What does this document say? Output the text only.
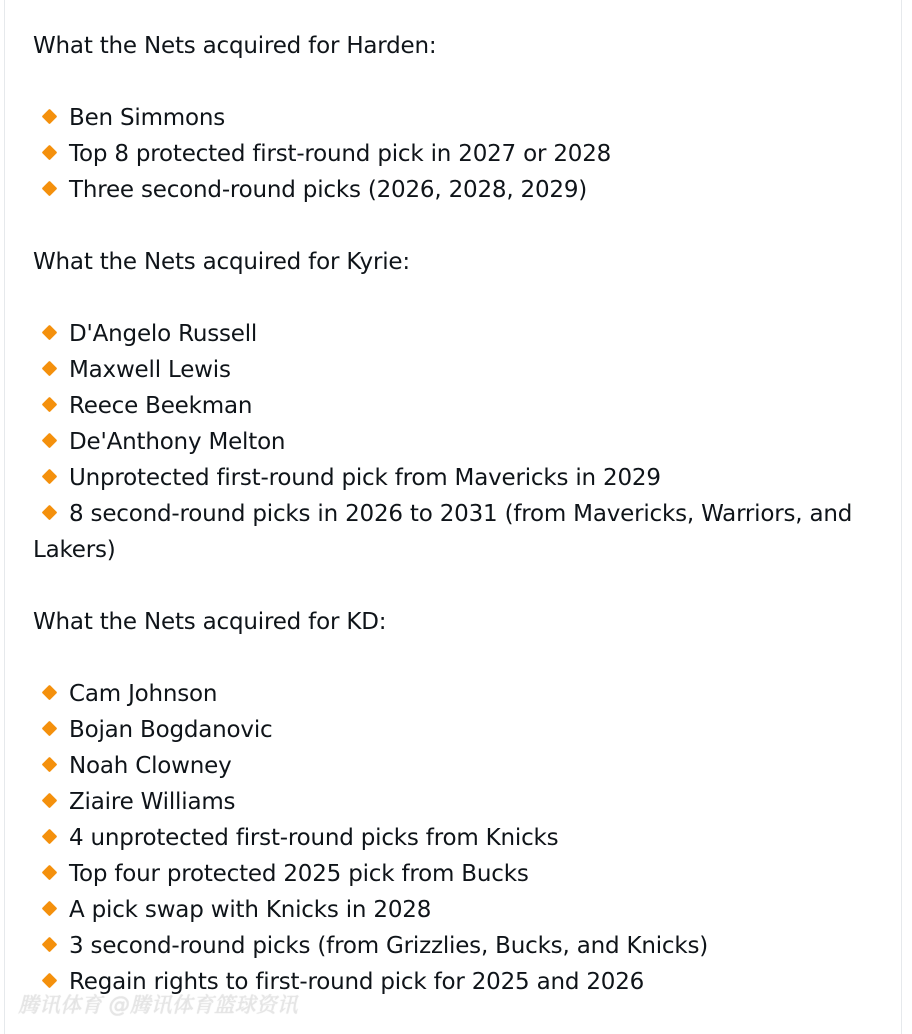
What the Nets acquired for Harden:

Ben Simmons
Top 8 protected first-round pick in 2027 or 2028
Three second-round picks (2026, 2028, 2029)

What the Nets acquired for Kyrie:

D'Angelo Russell
Maxwell Lewis
Reece Beekman
De'Anthony Melton
Unprotected first-round pick from Mavericks in 2029
8 second-round picks in 2026 to 2031 (from Mavericks, Warriors, and Lakers)

What the Nets acquired for KD:

Cam Johnson
Bojan Bogdanovic
Noah Clowney
Ziaire Williams
4 unprotected first-round picks from Knicks
Top four protected 2025 pick from Bucks
A pick swap with Knicks in 2028
3 second-round picks (from Grizzlies, Bucks, and Knicks)
Regain rights to first-round pick for 2025 and 2026
腾讯体育 @腾讯体育篮球资讯
